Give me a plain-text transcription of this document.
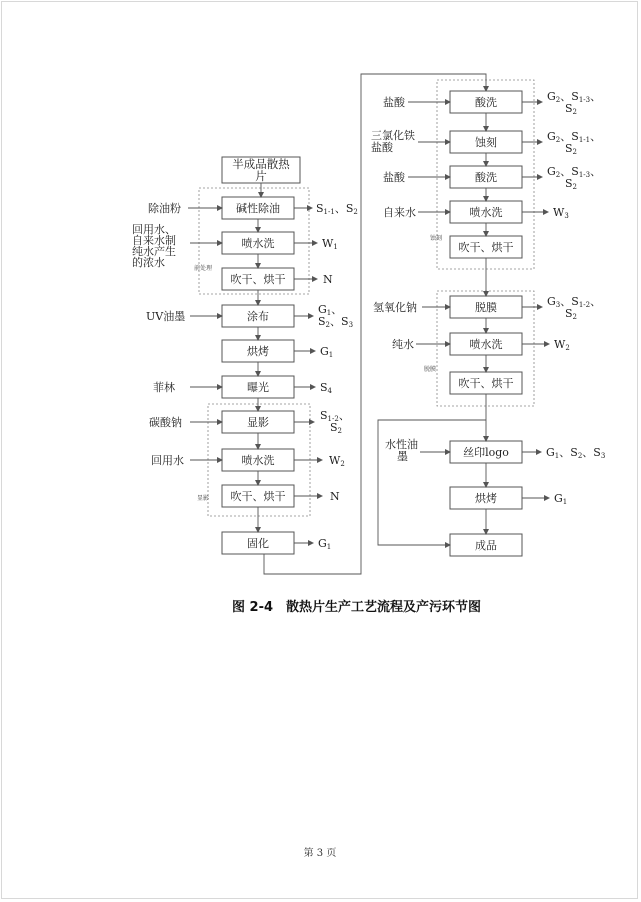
半成品散热
片
碱性除油
喷水洗
吹干、烘干
涂布
烘烤
曝光
显影
喷水洗
吹干、烘干
固化
除油粉
回用水、
自来水制
纯水产生
的浓水
UV油墨
菲林
碳酸钠
回用水
前处理
显影
S1-1、S2
W1
N
G1、
S2、S3
G1
S4
S1-2、
S2
W2
N
G1
酸洗
蚀刻
酸洗
喷水洗
吹干、烘干
脱膜
喷水洗
吹干、烘干
丝印logo
烘烤
成品
盐酸
三氯化铁
盐酸
盐酸
自来水
氢氧化钠
纯水
水性油
墨
蚀刻
脱膜
G2、S1-3、
S2
G2、S1-1、
S2
G2、S1-3、
S2
W3
G3、S1-2、
S2
W2
G1、S2、S3
G1
图 2-4　散热片生产工艺流程及产污环节图
第 3 页
